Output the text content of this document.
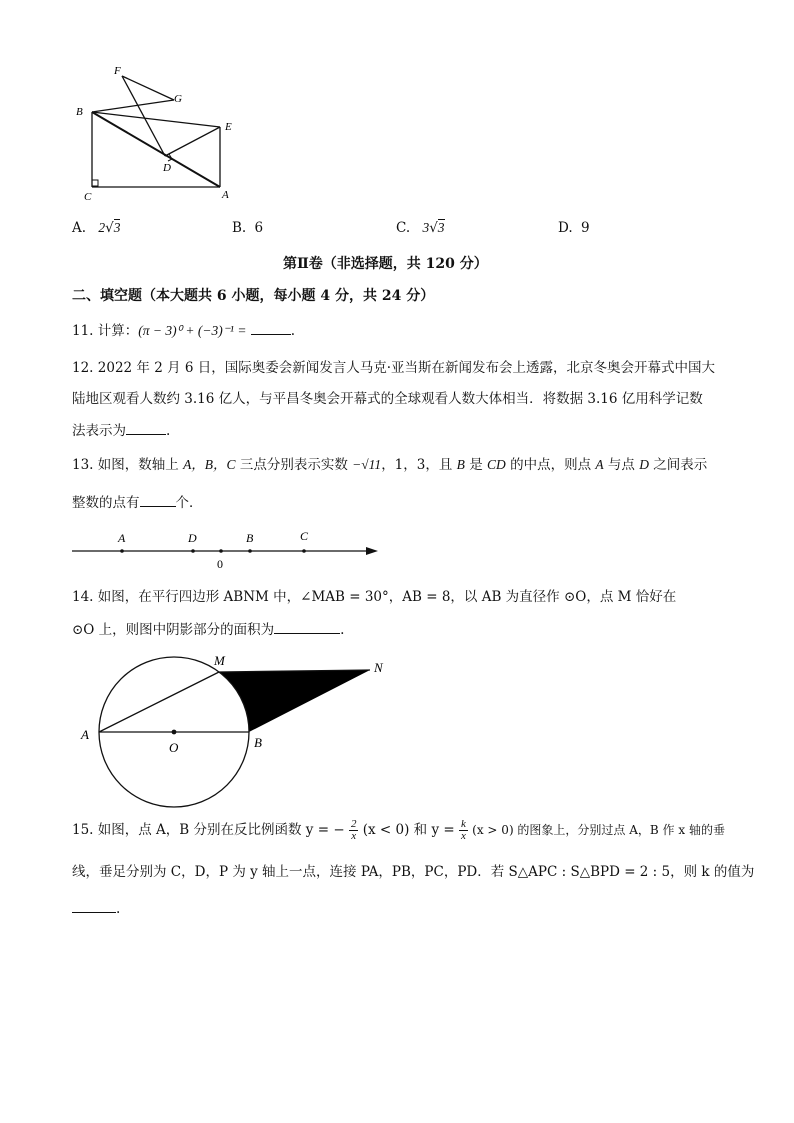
F
G
B
E
D
C	A
A. 2√3	B. 6	C. 3√3	D. 9
第Ⅱ卷（非选择题，共 120 分）
二、填空题（本大题共 6 小题，每小题 4 分，共 24 分）
11. 计算：(π − 3)⁰ + (−3)⁻¹ =	.
12. 2022 年 2 月 6 日，国际奥委会新闻发言人马克·亚当斯在新闻发布会上透露，北京冬奥会开幕式中国大
陆地区观看人数约 3.16 亿人，与平昌冬奥会开幕式的全球观看人数大体相当．将数据 3.16 亿用科学记数
法表示为	.
13. 如图，数轴上 A，B，C 三点分别表示实数 −√11，1，3，且 B 是 CD 的中点，则点 A 与点 D 之间表示
整数的点有	个．
A	D	B	C
0
14. 如图，在平行四边形 ABNM 中，∠MAB = 30°，AB = 8，以 AB 为直径作 ⊙O，点 M 恰好在
⊙O 上，则图中阴影部分的面积为	.
M	N
A
O	B
15. 如图，点 A，B 分别在反比例函数 y = − $\frac{2}{x} (x < 0)$ 和 $y = \frac{k}{x} (x > 0)$ 的图象上，分别过点 A，B 作 x 轴的垂
线，垂足分别为 C，D，P 为 y 轴上一点，连接 PA，PB，PC，PD．若 S△APC : S△BPD = 2 : 5，则 k 的值为
.
